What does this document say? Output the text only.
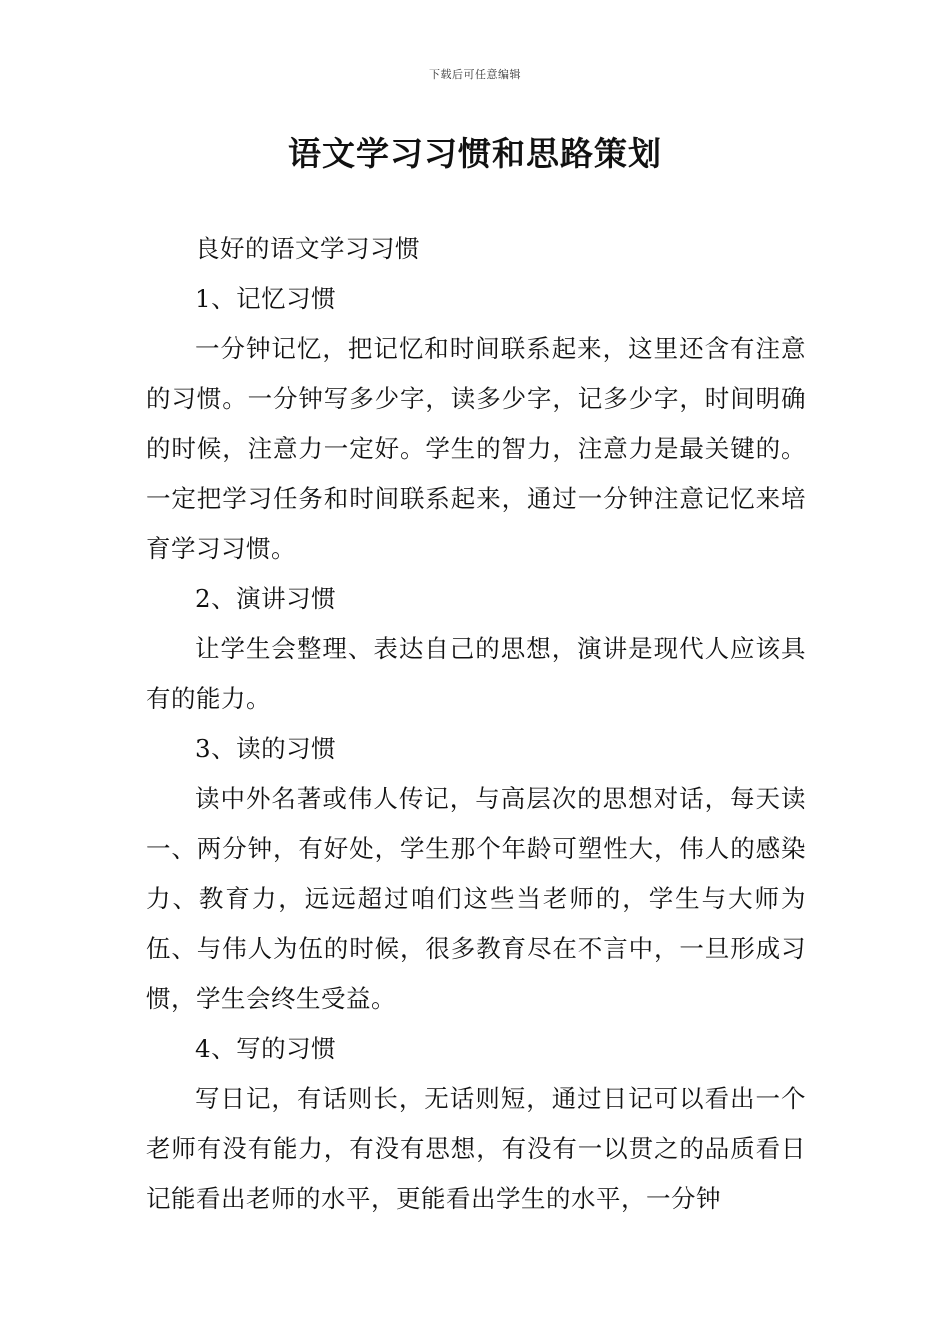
下载后可任意编辑
语文学习习惯和思路策划

良好的语文学习习惯

1、记忆习惯

一分钟记忆，把记忆和时间联系起来，这里还含有注意的习惯。一分钟写多少字，读多少字，记多少字，时间明确的时候，注意力一定好。学生的智力，注意力是最关键的。一定把学习任务和时间联系起来，通过一分钟注意记忆来培育学习习惯。

2、演讲习惯

让学生会整理、表达自己的思想，演讲是现代人应该具有的能力。

3、读的习惯

读中外名著或伟人传记，与高层次的思想对话，每天读一、两分钟，有好处，学生那个年龄可塑性大，伟人的感染力、教育力，远远超过咱们这些当老师的，学生与大师为伍、与伟人为伍的时候，很多教育尽在不言中，一旦形成习惯，学生会终生受益。

4、写的习惯

写日记，有话则长，无话则短，通过日记可以看出一个老师有没有能力，有没有思想，有没有一以贯之的品质看日记能看出老师的水平，更能看出学生的水平，一分钟
